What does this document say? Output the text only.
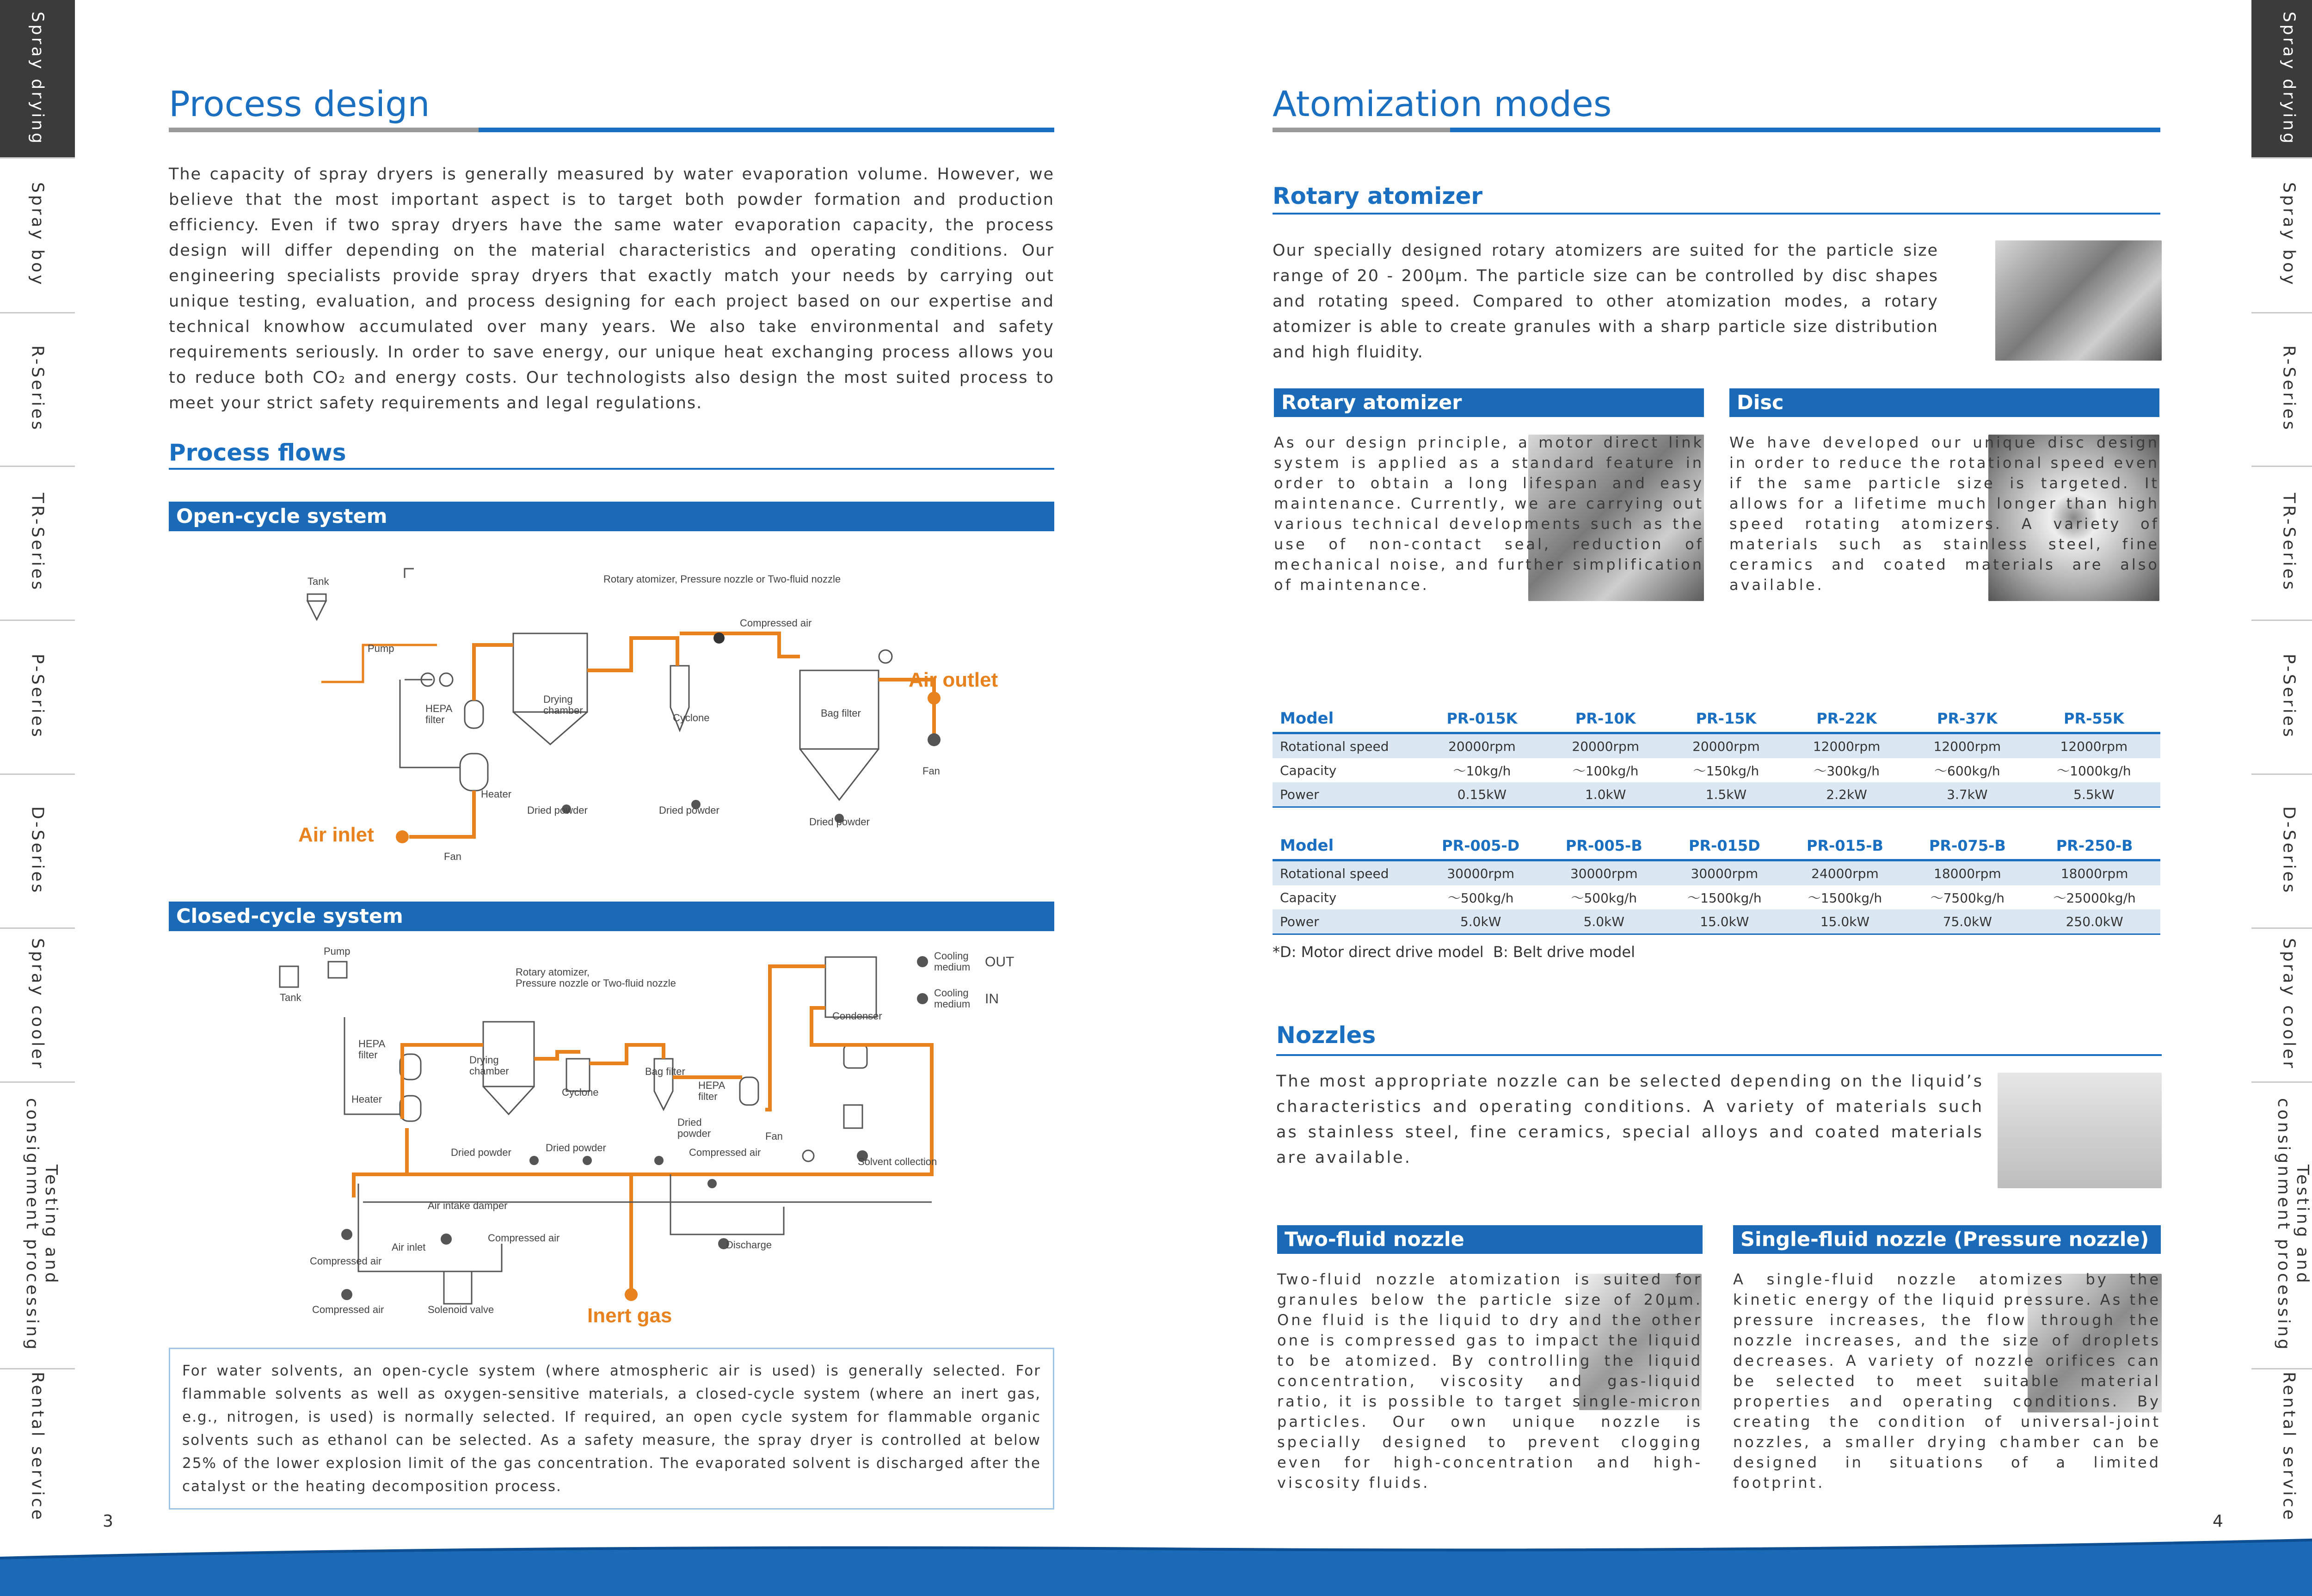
Spray drying
Spray boy
R-Series
TR-Series
P-Series
D-Series
Spray cooler
Testing and consignment processing
Rental service
Spray drying
Spray boy
R-Series
TR-Series
P-Series
D-Series
Spray cooler
Testing and consignment processing
Rental service
Process design
The capacity of spray dryers is generally measured by water evaporation volume. However, we believe that the most important aspect is to target both powder formation and production efficiency. Even if two spray dryers have the same water evaporation capacity, the process design will differ depending on the material characteristics and operating conditions. Our engineering specialists provide spray dryers that exactly match your needs by carrying out unique testing, evaluation, and process designing for each project based on our expertise and technical knowhow accumulated over many years. We also take environmental and safety requirements seriously. In order to save energy, our unique heat exchanging process allows you to reduce both CO₂ and energy costs. Our technologists also design the most suited process to meet your strict safety requirements and legal regulations.
Process flows
Open-cycle system
Tank
Pump
Rotary atomizer, Pressure nozzle or Two-fluid nozzle
Compressed air
HEPA filter
Drying chamber
Cyclone	Bag filter
Air outlet
Fan
Heater
Dried powder	Dried powder
Dried powder
Air inlet
Fan
Closed-cycle system
Pump
Tank
Rotary atomizer, Pressure nozzle or Two-fluid nozzle
Cooling medium OUT
Cooling medium IN
Condenser
HEPA filter	Drying chamber
Heater
Cyclone
Bag filter
HEPA filter
Dried powder	Dried powder
Dried powder	Fan
Compressed air
Solvent collection
Air intake damper
Discharge
Compressed air
Air inlet
Compressed air
Compressed air	Solenoid valve	Inert gas
For water solvents, an open-cycle system (where atmospheric air is used) is generally selected. For flammable solvents as well as oxygen-sensitive materials, a closed-cycle system (where an inert gas, e.g., nitrogen, is used) is normally selected. If required, an open cycle system for flammable organic solvents such as ethanol can be selected. As a safety measure, the spray dryer is controlled at below 25% of the lower explosion limit of the gas concentration. The evaporated solvent is discharged after the catalyst or the heating decomposition process.
3
Atomization modes
Rotary atomizer
Our specially designed rotary atomizers are suited for the particle size range of 20 - 200μm. The particle size can be controlled by disc shapes and rotating speed. Compared to other atomization modes, a rotary atomizer is able to create granules with a sharp particle size distribution and high fluidity.
Rotary atomizer	Disc
As our design principle, a motor direct link system is applied as a standard feature in order to obtain a long lifespan and easy maintenance. Currently, we are carrying out various technical developments such as the use of non-contact seal, reduction of mechanical noise, and further simplification of maintenance.
We have developed our unique disc design in order to reduce the rotational speed even if the same particle size is targeted. It allows for a lifetime much longer than high speed rotating atomizers. A variety of materials such as stainless steel, fine ceramics and coated materials are also available.
Model	PR-015K	PR-10K	PR-15K	PR-22K	PR-37K	PR-55K
Rotational speed	20000rpm	20000rpm	20000rpm	12000rpm	12000rpm	12000rpm
Capacity	～10kg/h	～100kg/h	～150kg/h	～300kg/h	～600kg/h	～1000kg/h
Power	0.15kW	1.0kW	1.5kW	2.2kW	3.7kW	5.5kW
Model	PR-005-D	PR-005-B	PR-015D	PR-015-B	PR-075-B	PR-250-B
Rotational speed	30000rpm	30000rpm	30000rpm	24000rpm	18000rpm	18000rpm
Capacity	～500kg/h	～500kg/h	～1500kg/h	～1500kg/h	～7500kg/h	～25000kg/h
Power	5.0kW	5.0kW	15.0kW	15.0kW	75.0kW	250.0kW
*D: Motor direct drive model  B: Belt drive model
Nozzles
The most appropriate nozzle can be selected depending on the liquid’s characteristics and operating conditions. A variety of materials such as stainless steel, fine ceramics, special alloys and coated materials are available.
Two-fluid nozzle	Single-fluid nozzle (Pressure nozzle)
Two-fluid nozzle atomization is suited for granules below the particle size of 20μm. One fluid is the liquid to dry and the other one is compressed gas to impact the liquid to be atomized. By controlling the liquid concentration, viscosity and gas-liquid ratio, it is possible to target single-micron particles. Our own unique nozzle is specially designed to prevent clogging even for high-concentration and high-viscosity fluids.
A single-fluid nozzle atomizes by the kinetic energy of the liquid pressure. As the pressure increases, the flow through the nozzle increases, and the size of droplets decreases. A variety of nozzle orifices can be selected to meet suitable material properties and operating conditions. By creating the condition of universal-joint nozzles, a smaller drying chamber can be designed in situations of a limited footprint.
4
